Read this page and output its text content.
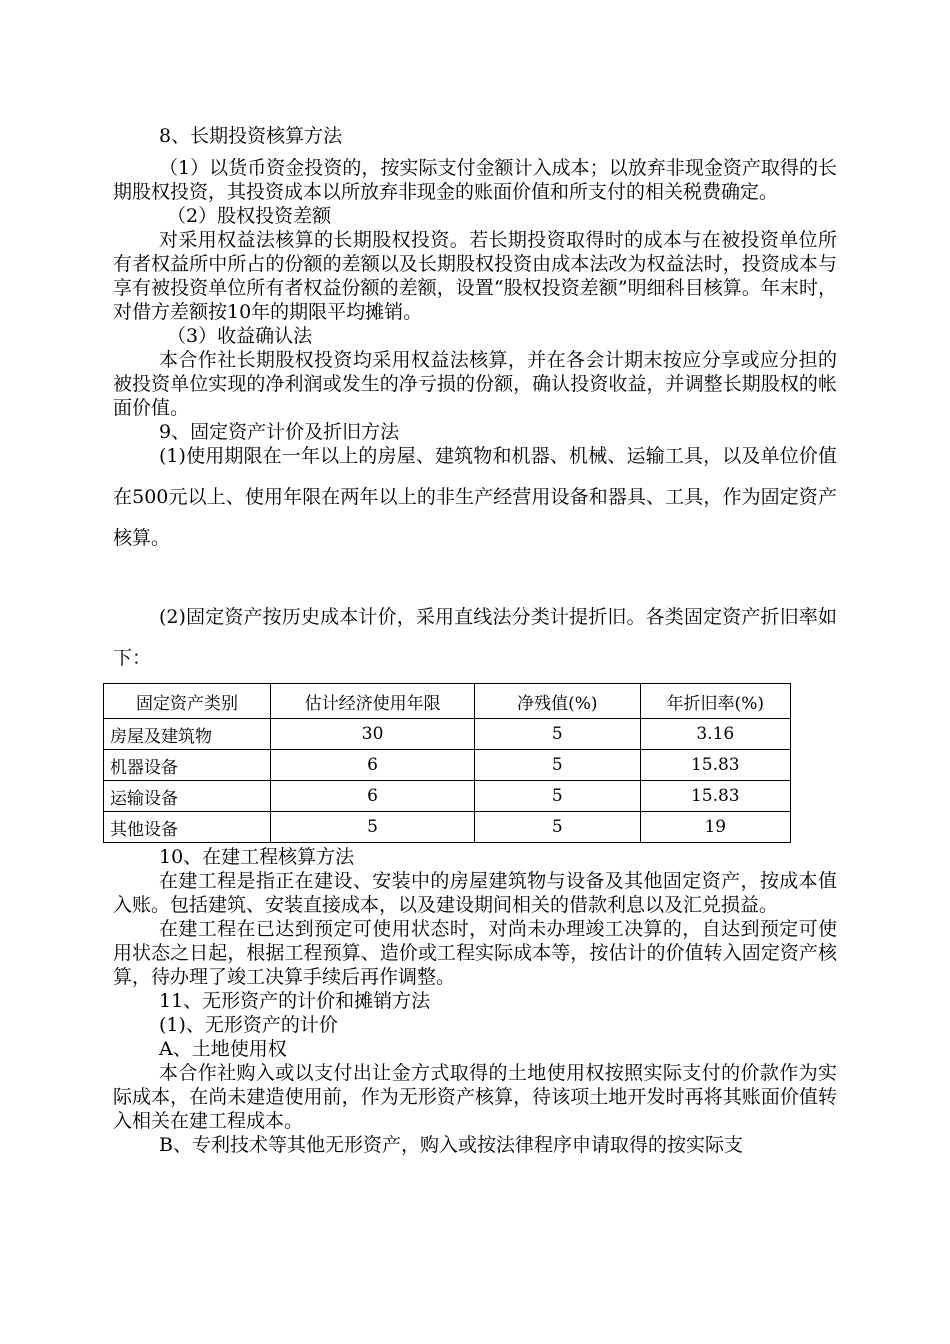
8、长期投资核算方法

（1）以货币资金投资的，按实际支付金额计入成本；以放弃非现金资产取得的长期股权投资，其投资成本以所放弃非现金的账面价值和所支付的相关税费确定。

（2）股权投资差额

对采用权益法核算的长期股权投资。若长期投资取得时的成本与在被投资单位所有者权益所中所占的份额的差额以及长期股权投资由成本法改为权益法时，投资成本与享有被投资单位所有者权益份额的差额，设置“股权投资差额”明细科目核算。年末时，对借方差额按10年的期限平均摊销。

（3）收益确认法

本合作社长期股权投资均采用权益法核算，并在各会计期末按应分享或应分担的被投资单位实现的净利润或发生的净亏损的份额，确认投资收益，并调整长期股权的帐面价值。

9、固定资产计价及折旧方法

(1)使用期限在一年以上的房屋、建筑物和机器、机械、运输工具，以及单位价值在500元以上、使用年限在两年以上的非生产经营用设备和器具、工具，作为固定资产核算。

(2)固定资产按历史成本计价，采用直线法分类计提折旧。各类固定资产折旧率如下：

固定资产类别	估计经济使用年限	净残值(%)	年折旧率(%)
房屋及建筑物	30	5	3.16
机器设备	6	5	15.83
运输设备	6	5	15.83
其他设备	5	5	19

10、在建工程核算方法

在建工程是指正在建设、安装中的房屋建筑物与设备及其他固定资产，按成本值入账。包括建筑、安装直接成本，以及建设期间相关的借款利息以及汇兑损益。

在建工程在已达到预定可使用状态时，对尚未办理竣工决算的，自达到预定可使用状态之日起，根据工程预算、造价或工程实际成本等，按估计的价值转入固定资产核算，待办理了竣工决算手续后再作调整。

11、无形资产的计价和摊销方法

(1)、无形资产的计价

A、土地使用权

本合作社购入或以支付出让金方式取得的土地使用权按照实际支付的价款作为实际成本，在尚未建造使用前，作为无形资产核算，待该项土地开发时再将其账面价值转入相关在建工程成本。

B、专利技术等其他无形资产，购入或按法律程序申请取得的按实际支
